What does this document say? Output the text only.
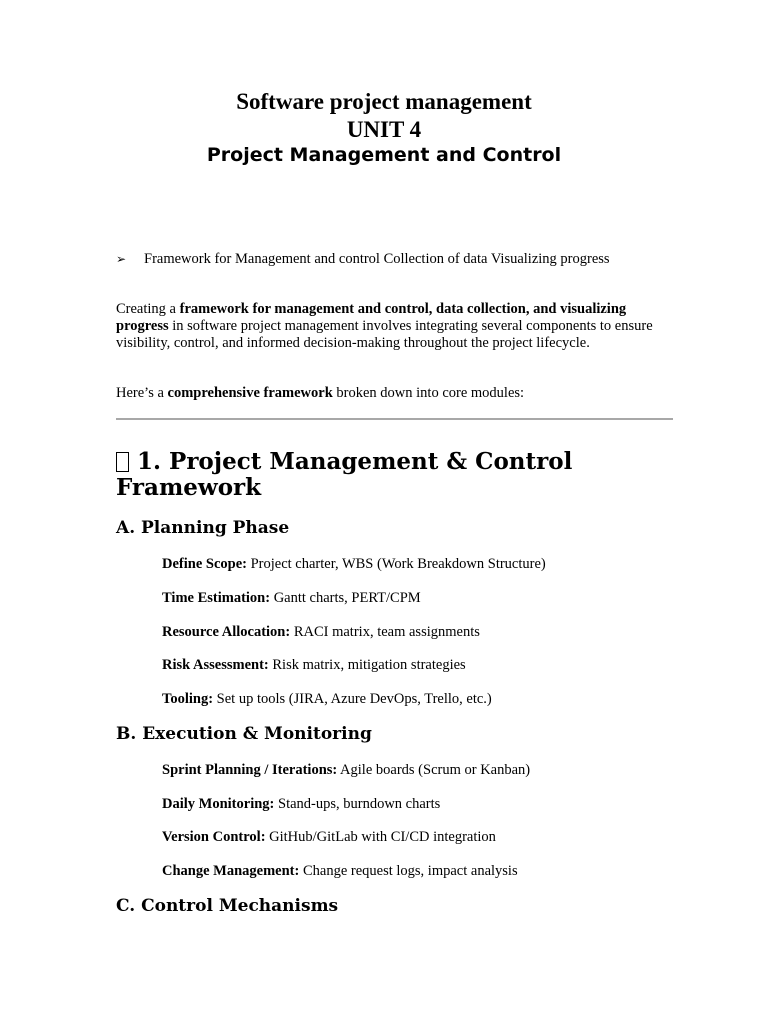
Software project management

UNIT 4

Project Management and Control

➢ Framework for Management and control Collection of data Visualizing progress

Creating a framework for management and control, data collection, and visualizing progress in software project management involves integrating several components to ensure visibility, control, and informed decision-making throughout the project lifecycle.

Here’s a comprehensive framework broken down into core modules:

1. Project Management & Control Framework
A. Planning Phase

Define Scope: Project charter, WBS (Work Breakdown Structure)

Time Estimation: Gantt charts, PERT/CPM

Resource Allocation: RACI matrix, team assignments

Risk Assessment: Risk matrix, mitigation strategies

Tooling: Set up tools (JIRA, Azure DevOps, Trello, etc.)

B. Execution & Monitoring

Sprint Planning / Iterations: Agile boards (Scrum or Kanban)

Daily Monitoring: Stand-ups, burndown charts

Version Control: GitHub/GitLab with CI/CD integration

Change Management: Change request logs, impact analysis

C. Control Mechanisms
